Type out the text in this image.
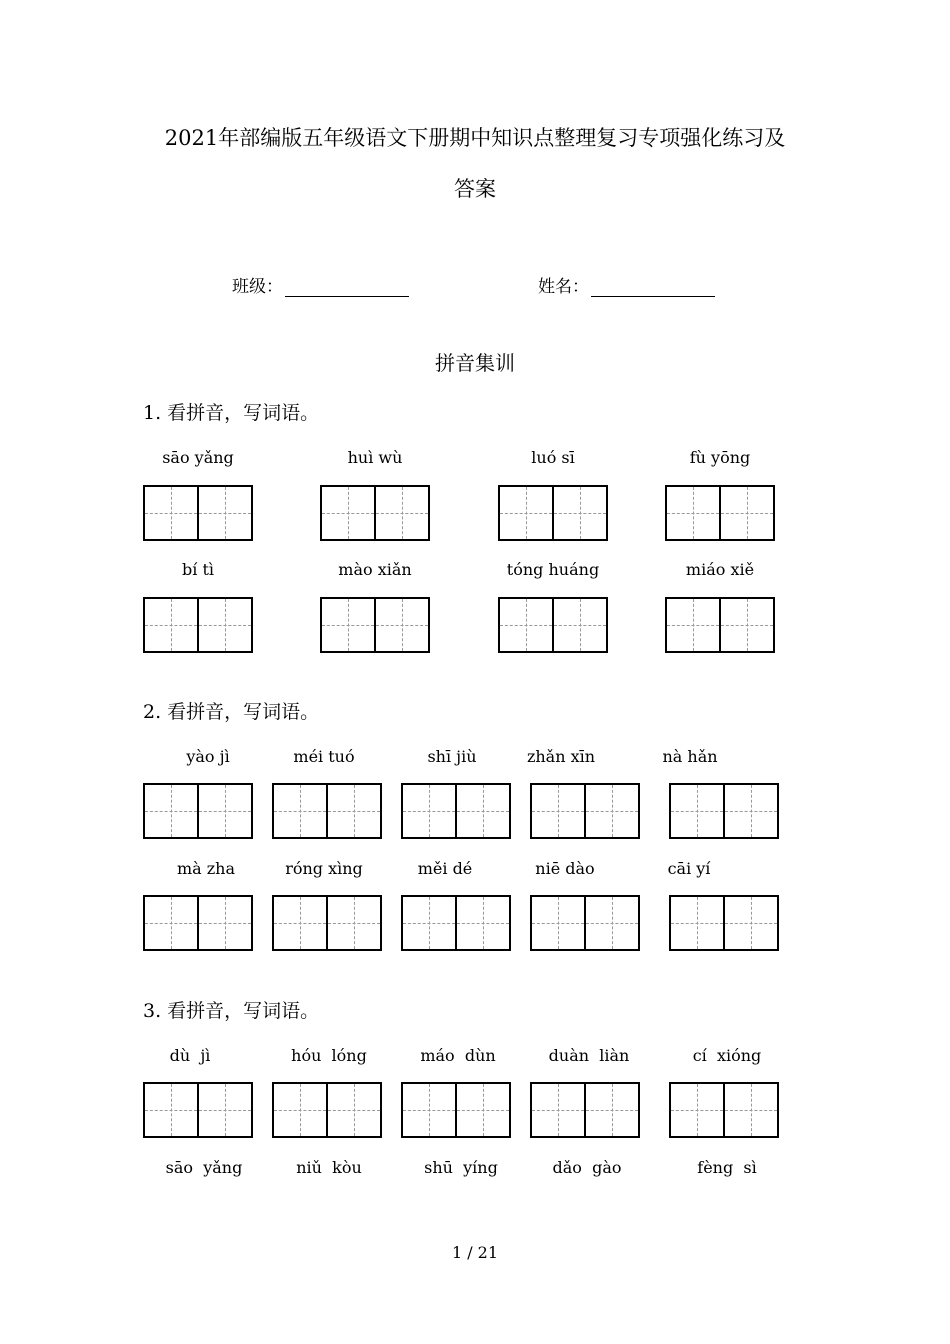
2021年部编版五年级语文下册期中知识点整理复习专项强化练习及
答案
班级：	姓名：
拼音集训
1. 看拼音，写词语。
sāo yǎng	huì wù	luó sī	fù yōng
bí tì	mào xiǎn	tóng huáng	miáo xiě
2. 看拼音，写词语。
yào jì	méi tuó	shī jiù	zhǎn xīn	nà hǎn
mà zha	róng xìng	měi dé	niē dào	cāi yí
3. 看拼音，写词语。
dù  jì	hóu  lóng	máo  dùn	duàn  liàn	cí  xióng
sāo  yǎng	niǔ  kòu	shū  yíng	dǎo  gào	fèng  sì
1 / 21
